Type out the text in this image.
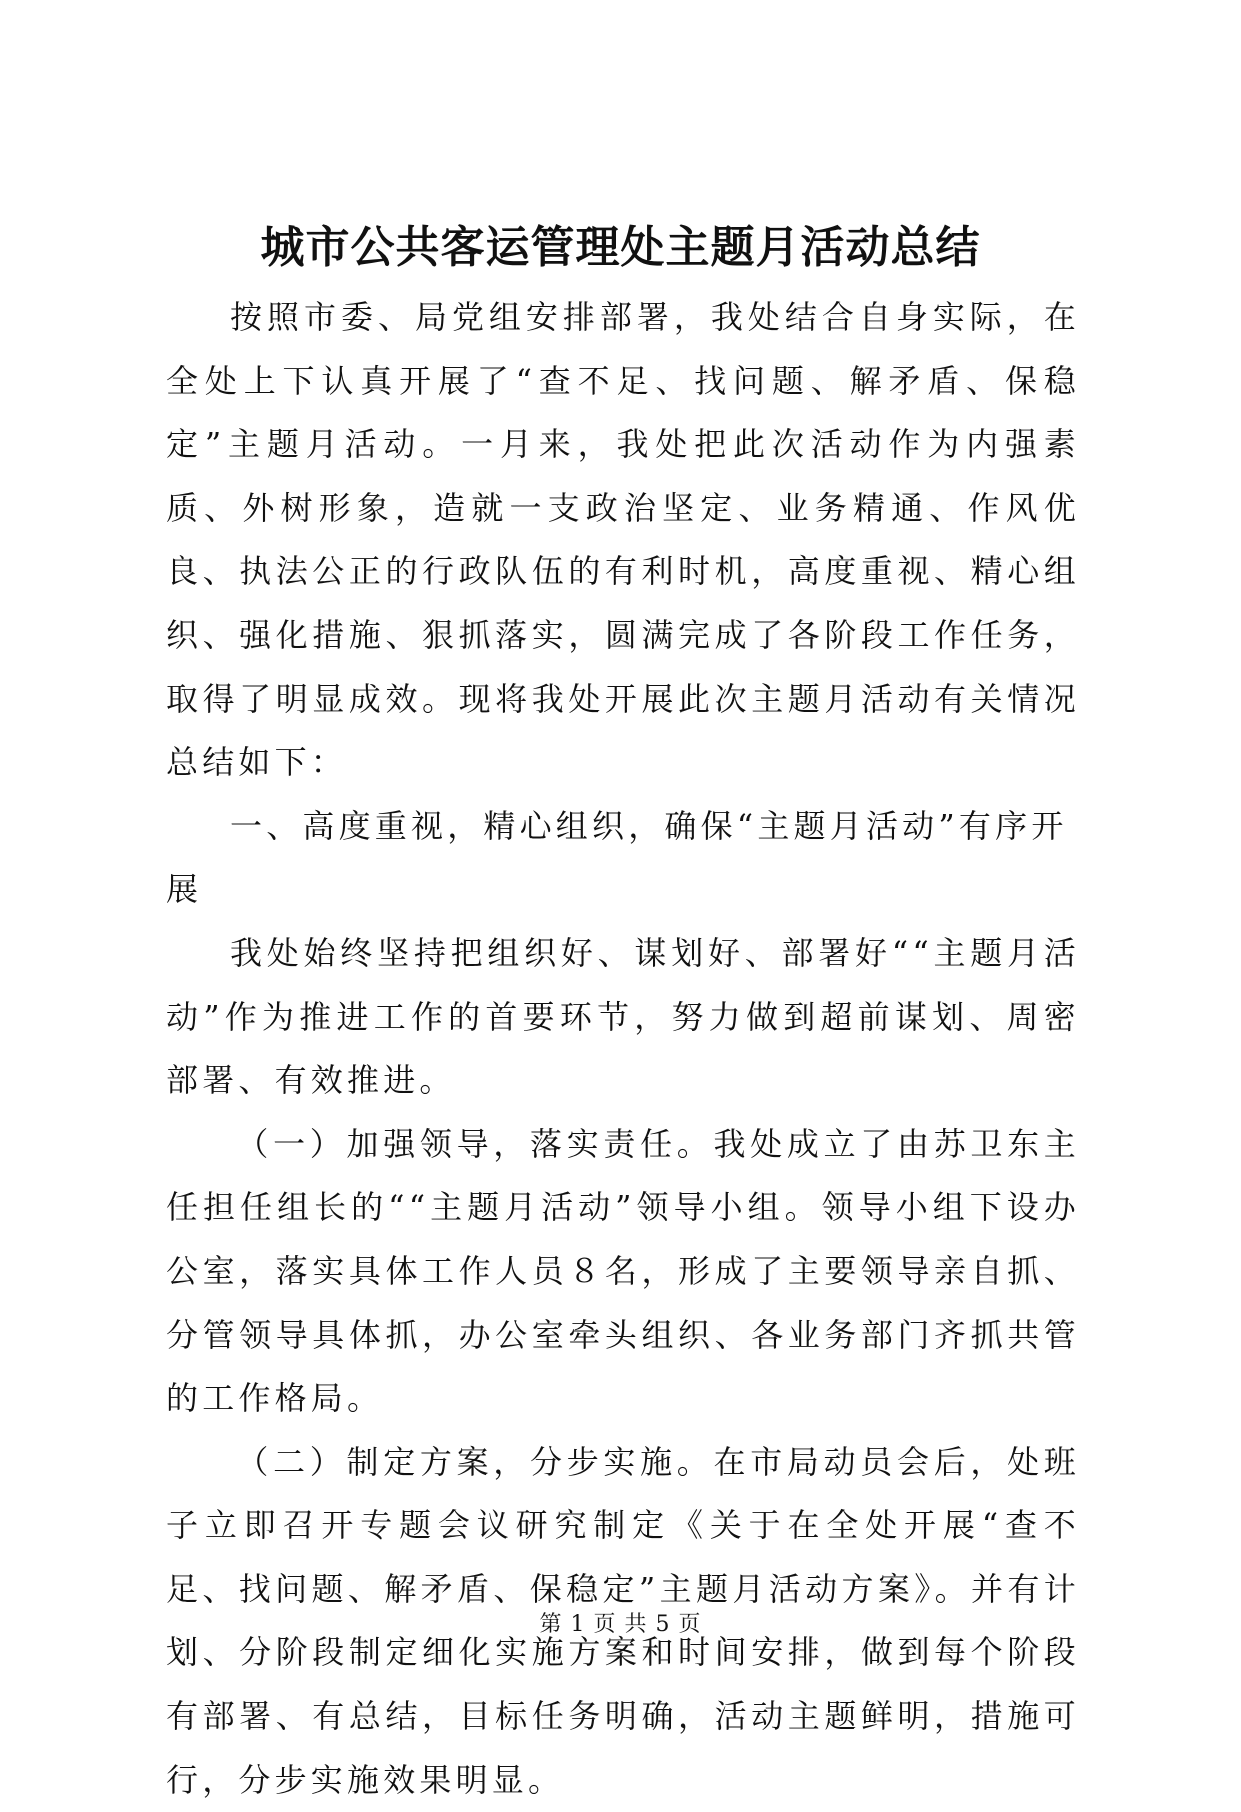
城市公共客运管理处主题月活动总结

按照市委、局党组安排部署，我处结合自身实际，在全处上下认真开展了“查不足、找问题、解矛盾、保稳定”主题月活动。一月来，我处把此次活动作为内强素质、外树形象，造就一支政治坚定、业务精通、作风优良、执法公正的行政队伍的有利时机，高度重视、精心组织、强化措施、狠抓落实，圆满完成了各阶段工作任务，取得了明显成效。现将我处开展此次主题月活动有关情况总结如下：

一、高度重视，精心组织，确保“主题月活动”有序开展

我处始终坚持把组织好、谋划好、部署好““主题月活动”作为推进工作的首要环节，努力做到超前谋划、周密部署、有效推进。

（一）加强领导，落实责任。我处成立了由苏卫东主任担任组长的““主题月活动”领导小组。领导小组下设办公室，落实具体工作人员８名，形成了主要领导亲自抓、分管领导具体抓，办公室牵头组织、各业务部门齐抓共管的工作格局。

（二）制定方案，分步实施。在市局动员会后，处班子立即召开专题会议研究制定《关于在全处开展“查不足、找问题、解矛盾、保稳定”主题月活动方案》。并有计划、分阶段制定细化实施方案和时间安排，做到每个阶段有部署、有总结，目标任务明确，活动主题鲜明，措施可行，分步实施效果明显。

第 1 页 共 5 页
